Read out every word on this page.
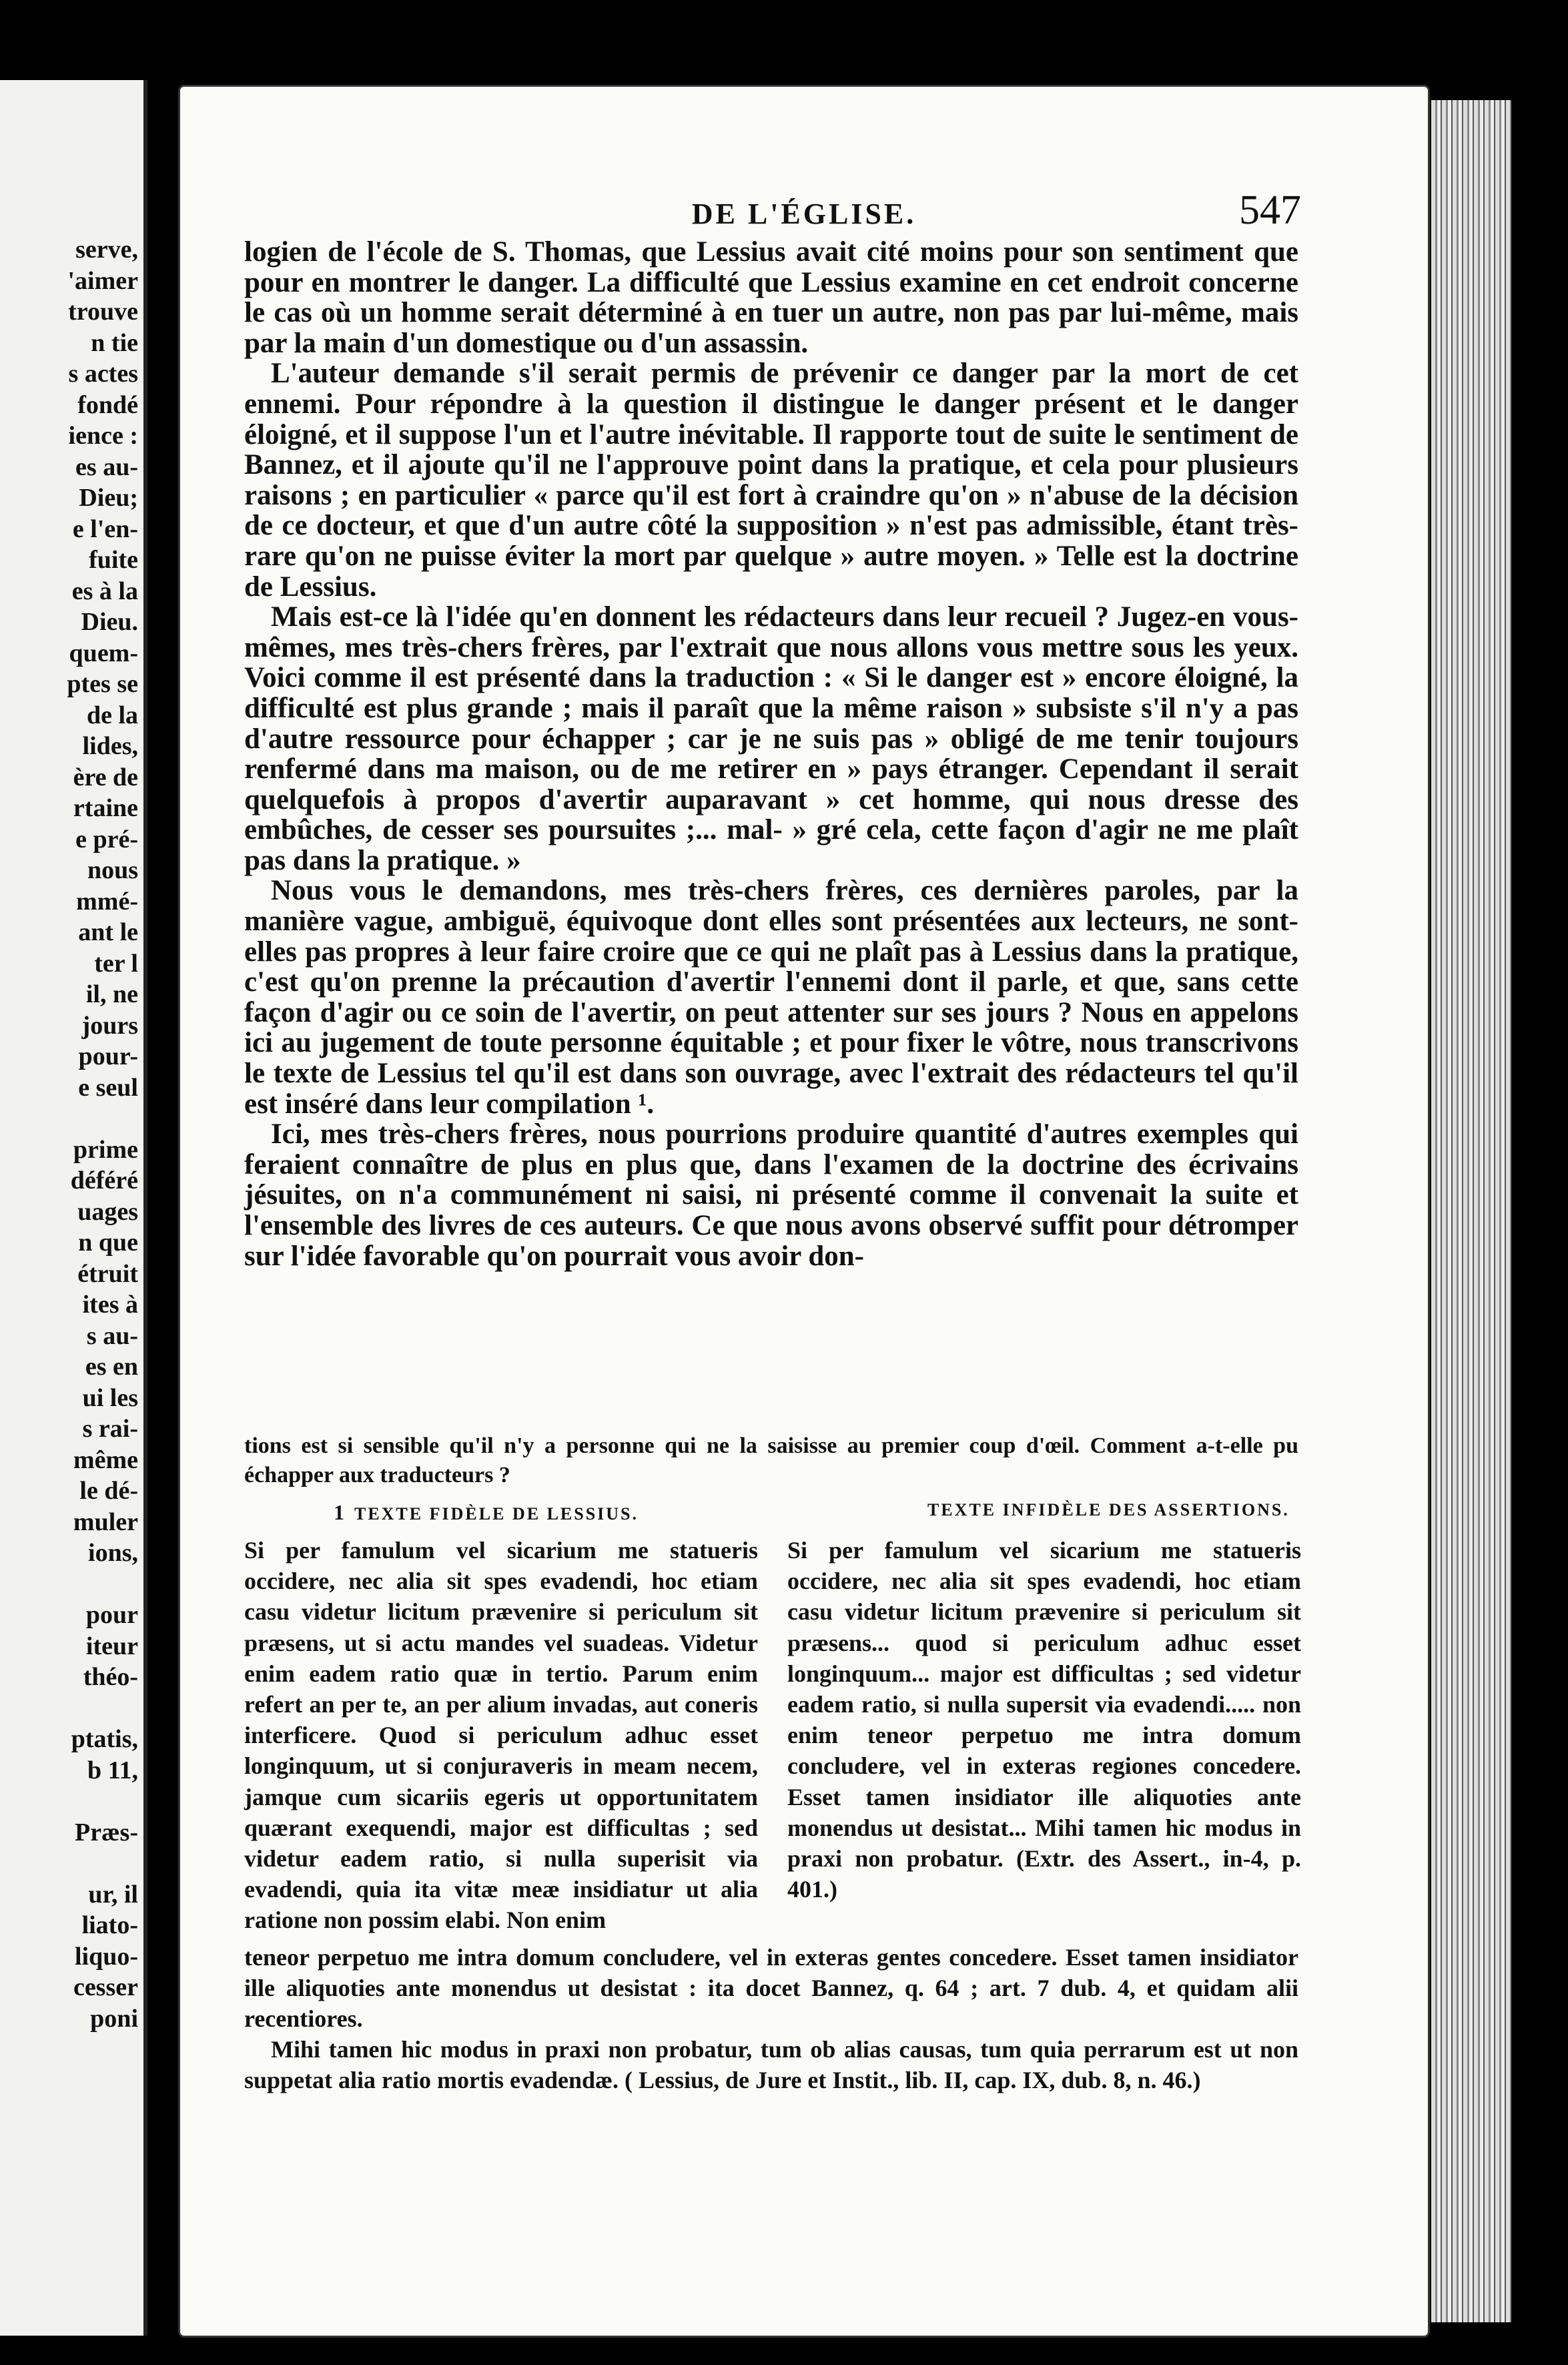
serve,
'aimer
trouve
n tie
s actes
fondé
ience :
es au-
Dieu;
e l'en-
fuite
es à la
Dieu.
quem-
ptes se
de la
lides,
ère de
rtaine
e pré-
nous
mmé-
ant le
ter l
il, ne
jours
pour-
e seul
prime
déféré
uages
n que
étruit
ites à
s au-
es en
ui les
s rai-
même
le dé-
muler
ions,
pour
iteur
théo-
ptatis,
b 11,
Præs-
ur, il
liato-
liquo-
cesser
poni
DE L'ÉGLISE.	547

logien de l'école de S. Thomas, que Lessius avait cité moins pour son sentiment que pour en montrer le danger. La difficulté que Lessius examine en cet endroit concerne le cas où un homme serait déterminé à en tuer un autre, non pas par lui-même, mais par la main d'un domestique ou d'un assassin.

L'auteur demande s'il serait permis de prévenir ce danger par la mort de cet ennemi. Pour répondre à la question il distingue le danger présent et le danger éloigné, et il suppose l'un et l'autre inévitable. Il rapporte tout de suite le sentiment de Bannez, et il ajoute qu'il ne l'approuve point dans la pratique, et cela pour plusieurs raisons ; en particulier « parce qu'il est fort à craindre qu'on » n'abuse de la décision de ce docteur, et que d'un autre côté la supposition » n'est pas admissible, étant très-rare qu'on ne puisse éviter la mort par quelque » autre moyen. » Telle est la doctrine de Lessius.

Mais est-ce là l'idée qu'en donnent les rédacteurs dans leur recueil ? Jugez-en vous-mêmes, mes très-chers frères, par l'extrait que nous allons vous mettre sous les yeux. Voici comme il est présenté dans la traduction : « Si le danger est » encore éloigné, la difficulté est plus grande ; mais il paraît que la même raison » subsiste s'il n'y a pas d'autre ressource pour échapper ; car je ne suis pas » obligé de me tenir toujours renfermé dans ma maison, ou de me retirer en » pays étranger. Cependant il serait quelquefois à propos d'avertir auparavant » cet homme, qui nous dresse des embûches, de cesser ses poursuites ;... mal- » gré cela, cette façon d'agir ne me plaît pas dans la pratique. »

Nous vous le demandons, mes très-chers frères, ces dernières paroles, par la manière vague, ambiguë, équivoque dont elles sont présentées aux lecteurs, ne sont-elles pas propres à leur faire croire que ce qui ne plaît pas à Lessius dans la pratique, c'est qu'on prenne la précaution d'avertir l'ennemi dont il parle, et que, sans cette façon d'agir ou ce soin de l'avertir, on peut attenter sur ses jours ? Nous en appelons ici au jugement de toute personne équitable ; et pour fixer le vôtre, nous transcrivons le texte de Lessius tel qu'il est dans son ouvrage, avec l'extrait des rédacteurs tel qu'il est inséré dans leur compilation ¹.

Ici, mes très-chers frères, nous pourrions produire quantité d'autres exemples qui feraient connaître de plus en plus que, dans l'examen de la doctrine des écrivains jésuites, on n'a communément ni saisi, ni présenté comme il convenait la suite et l'ensemble des livres de ces auteurs. Ce que nous avons observé suffit pour détromper sur l'idée favorable qu'on pourrait vous avoir don-

tions est si sensible qu'il n'y a personne qui ne la saisisse au premier coup d'œil. Comment a-t-elle pu échapper aux traducteurs ?
1 TEXTE FIDÈLE DE LESSIUS.	TEXTE INFIDÈLE DES ASSERTIONS.
Si per famulum vel sicarium me statueris occidere, nec alia sit spes evadendi, hoc etiam casu videtur licitum prævenire si periculum sit præsens, ut si actu mandes vel suadeas. Videtur enim eadem ratio quæ in tertio. Parum enim refert an per te, an per alium invadas, aut coneris interficere. Quod si periculum adhuc esset longinquum, ut si conjuraveris in meam necem, jamque cum sicariis egeris ut opportunitatem quærant exequendi, major est difficultas ; sed videtur eadem ratio, si nulla superisit via evadendi, quia ita vitæ meæ insidiatur ut alia ratione non possim elabi. Non enim
Si per famulum vel sicarium me statueris occidere, nec alia sit spes evadendi, hoc etiam casu videtur licitum prævenire si periculum sit præsens... quod si periculum adhuc esset longinquum... major est difficultas ; sed videtur eadem ratio, si nulla supersit via evadendi..... non enim teneor perpetuo me intra domum concludere, vel in exteras regiones concedere. Esset tamen insidiator ille aliquoties ante monendus ut desistat... Mihi tamen hic modus in praxi non probatur. (Extr. des Assert., in-4, p. 401.)

teneor perpetuo me intra domum concludere, vel in exteras gentes concedere. Esset tamen insidiator ille aliquoties ante monendus ut desistat : ita docet Bannez, q. 64 ; art. 7 dub. 4, et quidam alii recentiores.

Mihi tamen hic modus in praxi non probatur, tum ob alias causas, tum quia perrarum est ut non suppetat alia ratio mortis evadendæ. ( Lessius, de Jure et Instit., lib. II, cap. IX, dub. 8, n. 46.)
